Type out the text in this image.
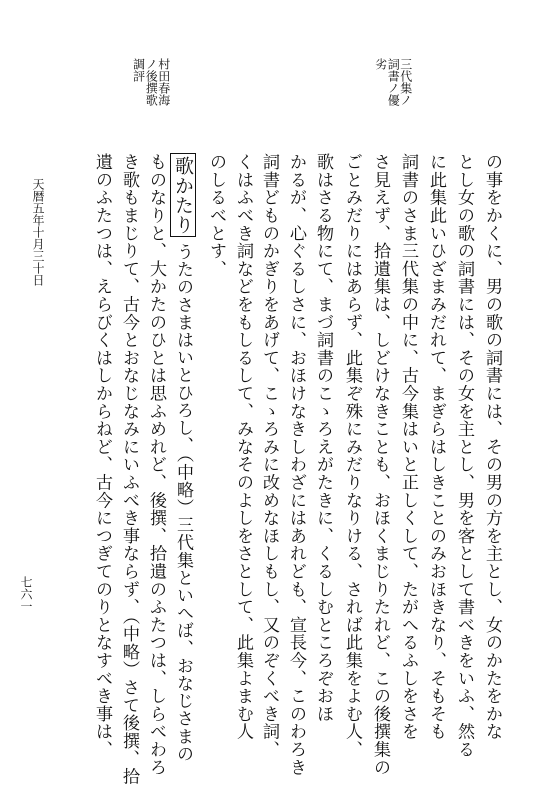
三代集ノ
詞書ノ優
劣
村田春海
ノ後撰歌
調評
の事をかくに、男の歌の詞書には、その男の方を主とし、女のかたをかな
とし女の歌の詞書には、その女を主とし、男を客として書べきをいふ、然る
に此集此いひざまみだれて、まぎらはしきことのみおほきなり、そもそも
詞書のさま三代集の中に、古今集はいと正しくして、たがへるふしをさを
さ見えず、拾遺集は、しどけなきことも、おほくまじりたれど、この後撰集の
ごとみだりにはあらず、此集ぞ殊にみだりなりける、されば此集をよむ人、
歌はさる物にて、まづ詞書のこゝろえがたきに、くるしむところぞおほ
かるが、心ぐるしさに、おほけなきしわざにはあれども、宣長今、このわろき
詞書どものかぎりをあげて、こゝろみに改めなほしもし、又のぞくべき詞、
くはふべき詞などをもしるして、みなそのよしをさとして、此集よまむ人
のしるべとす、
歌かたりうたのさまはいとひろし、（中略）三代集といへば、おなじさまの
ものなりと、大かたのひとは思ふめれど、後撰、拾遺のふたつは、しらべわろ
き歌もまじりて、古今とおなじなみにいふべき事ならず、（中略）さて後撰、拾
遺のふたつは、えらびくはしからねど、古今につぎてのりとなすべき事は、
天暦五年十月三十日
七六一
